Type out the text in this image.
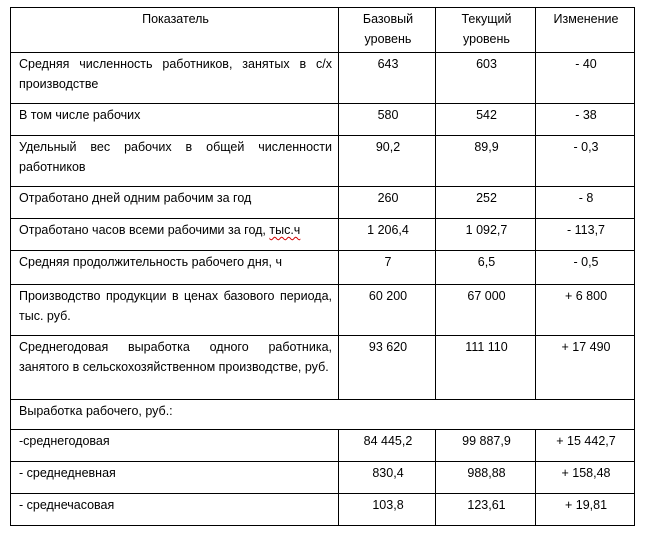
Показатель	Базовый уровень	Текущий уровень	Изменение
Средняя численность работников, занятых в с/х производстве	643	603	- 40
В том числе рабочих	580	542	- 38
Удельный вес рабочих в общей численности работников	90,2	89,9	- 0,3
Отработано дней одним рабочим за год	260	252	- 8
Отработано часов всеми рабочими за год, тыс.ч	1 206,4	1 092,7	- 113,7
Средняя продолжительность рабочего дня, ч	7	6,5	- 0,5
Производство продукции в ценах базового периода, тыс. руб.	60 200	67 000	+ 6 800
Среднегодовая выработка одного работника, занятого в сельскохозяйственном производстве, руб.	93 620	111 110	+ 17 490
Выработка рабочего, руб.:			
-среднегодовая	84 445,2	99 887,9	+ 15 442,7
- среднедневная	830,4	988,88	+ 158,48
- среднечасовая	103,8	123,61	+ 19,81
